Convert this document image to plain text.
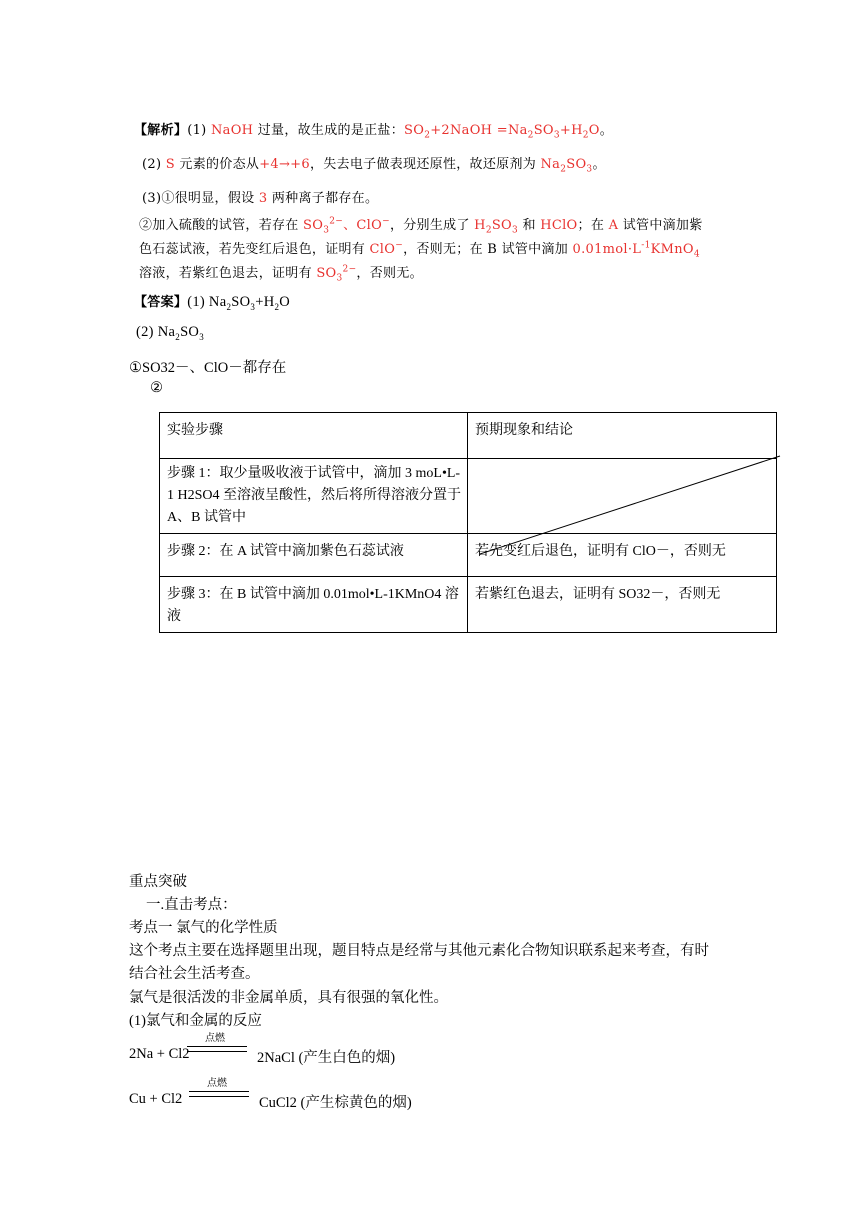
【解析】(1) NaOH 过量，故生成的是正盐：$SO_2+2NaOH =Na_2SO_3+H_2O$。
(2) S 元素的价态从+4→+6，失去电子做表现还原性，故还原剂为 $Na_2SO_3$。
(3)①很明显，假设 3 两种离子都存在。
②加入硫酸的试管，若存在 $SO_3^{2-}$、ClO−，分别生成了 $H_2SO_3$ 和 HClO；在 A 试管中滴加紫
色石蕊试液，若先变红后退色，证明有 ClO−，否则无；在 B 试管中滴加 $0.01mol\cdot L^{-1}KMnO_4$
溶液，若紫红色退去，证明有 $SO_3^{2-}$，否则无。
【答案】(1) $Na_2SO_3+H_2O$
(2) $Na_2SO_3$
①SO32－、ClO－都存在
②
实验步骤	预期现象和结论
步骤 1：取少量吸收液于试管中，滴加 3 moL•L-1 H2SO4 至溶液呈酸性，然后将所得溶液分置于 A、B 试管中	
步骤 2：在 A 试管中滴加紫色石蕊试液	若先变红后退色，证明有 ClO－，否则无
步骤 3：在 B 试管中滴加 0.01mol•L-1KMnO4 溶液	若紫红色退去，证明有 SO32－，否则无
重点突破
一.直击考点：
考点一 氯气的化学性质
这个考点主要在选择题里出现，题目特点是经常与其他元素化合物知识联系起来考查，有时
结合社会生活考查。
氯气是很活泼的非金属单质，具有很强的氧化性。
(1)氯气和金属的反应
点燃
2Na + Cl2	2NaCl (产生白色的烟)
点燃
Cu + Cl2	CuCl2 (产生棕黄色的烟)
